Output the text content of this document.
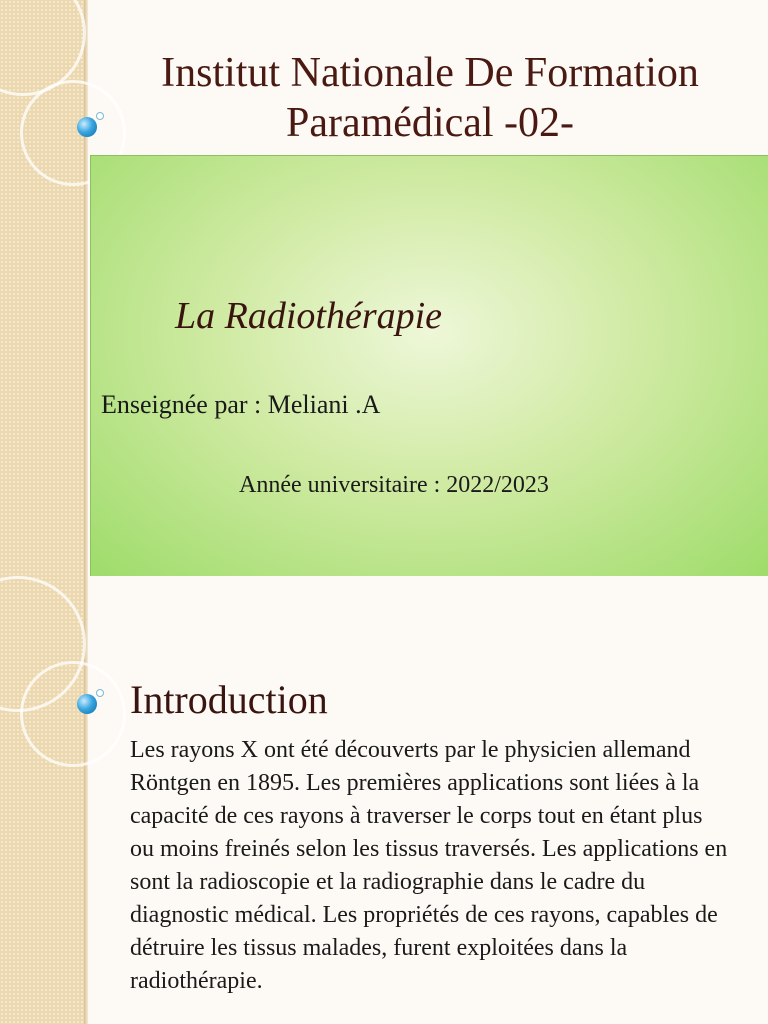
Institut Nationale De Formation
Paramédical -02-
La Radiothérapie
Enseignée par : Meliani .A
Année universitaire : 2022/2023
Introduction

Les rayons X ont été découverts par le physicien allemand Röntgen en 1895. Les premières applications sont liées à la capacité de ces rayons à traverser le corps tout en étant plus ou moins freinés selon les tissus traversés. Les applications en sont la radioscopie et la radiographie dans le cadre du diagnostic médical. Les propriétés de ces rayons, capables de détruire les tissus malades, furent exploitées dans la radiothérapie.
